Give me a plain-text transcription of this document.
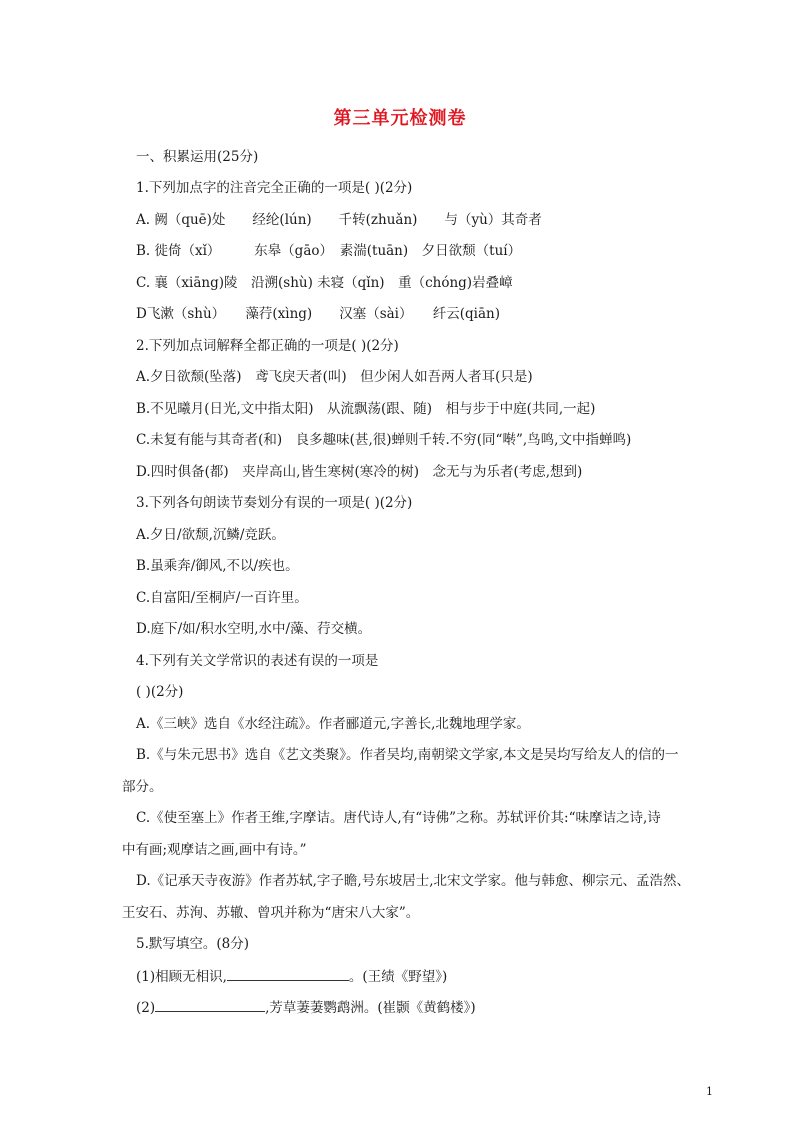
第三单元检测卷
一、积累运用(25分)
1.下列加点字的注音完全正确的一项是( )(2分)
A. 阙（quē)处　　经纶(lún)　　千转(zhuǎn)　　与（yù）其奇者
B. 徙倚（xǐ）　　　东皋（gāo）　素湍(tuān)　夕日欲颓（tuí）
C. 襄（xiāng)陵　沿溯(shù) 未寝（qǐn)　重（chóng)岩叠嶂
D飞漱（shù）　　藻荇(xìng)　　汉塞（sài）　　纤云(qiān)
2.下列加点词解释全都正确的一项是( )(2分)
A.夕日欲颓(坠落)　鸢飞戾天者(叫)　但少闲人如吾两人者耳(只是)
B.不见曦月(日光,文中指太阳)　从流飘荡(跟、随)　相与步于中庭(共同,一起)
C.未复有能与其奇者(和)　良多趣味(甚,很)蝉则千转.不穷(同“啭”,鸟鸣,文中指蝉鸣)
D.四时俱备(都)　夹岸高山,皆生寒树(寒冷的树)　念无与为乐者(考虑,想到)
3.下列各句朗读节奏划分有误的一项是( )(2分)
A.夕日/欲颓,沉鳞/竞跃。
B.虽乘奔/御风,不以/疾也。
C.自富阳/至桐庐/一百许里。
D.庭下/如/积水空明,水中/藻、荇交横。
4.下列有关文学常识的表述有误的一项是
( )(2分)
A.《三峡》选自《水经注疏》。作者郦道元,字善长,北魏地理学家。
B.《与朱元思书》选自《艺文类聚》。作者吴均,南朝梁文学家,本文是吴均写给友人的信的一
部分。
C.《使至塞上》作者王维,字摩诘。唐代诗人,有“诗佛”之称。苏轼评价其:“味摩诘之诗,诗
中有画;观摩诘之画,画中有诗。”
D.《记承天寺夜游》作者苏轼,字子瞻,号东坡居士,北宋文学家。他与韩愈、柳宗元、孟浩然、
王安石、苏洵、苏辙、曾巩并称为“唐宋八大家”。
5.默写填空。(8分)
(1)相顾无相识,	。(王绩《野望》)
(2)	,芳草萋萋鹦鹉洲。(崔颢《黄鹤楼》)
1
